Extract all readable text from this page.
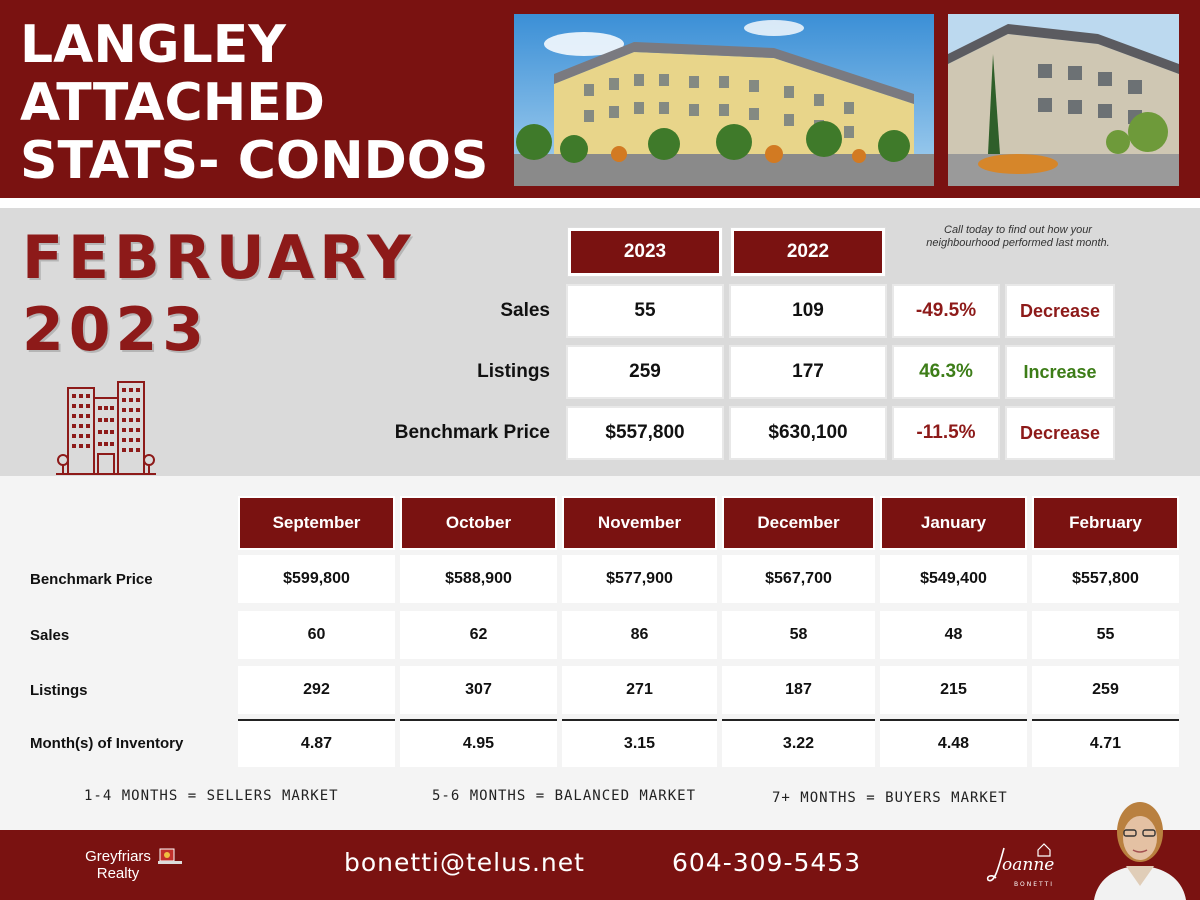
LANGLEY
ATTACHED
STATS- CONDOS
FEBRUARY
2023
2023	2022
Call today to find out how your neighbourhood performed last month.
Sales	55	109	-49.5%	Decrease
Listings	259	177	46.3%	Increase
Benchmark Price	$557,800	$630,100	-11.5%	Decrease
September	October	November	December	January	February
Benchmark Price	$599,800	$588,900	$577,900	$567,700	$549,400	$557,800
Sales	60	62	86	58	48	55
Listings	292	307	271	187	215	259
Month(s) of Inventory	4.87	4.95	3.15	3.22	4.48	4.71
1-4 MONTHS = SELLERS MARKET	5-6 MONTHS = BALANCED MARKET	7+ MONTHS = BUYERS MARKET
Greyfriars
Realty	bonetti@telus.net	604-309-5453	oanne
BONETTI
